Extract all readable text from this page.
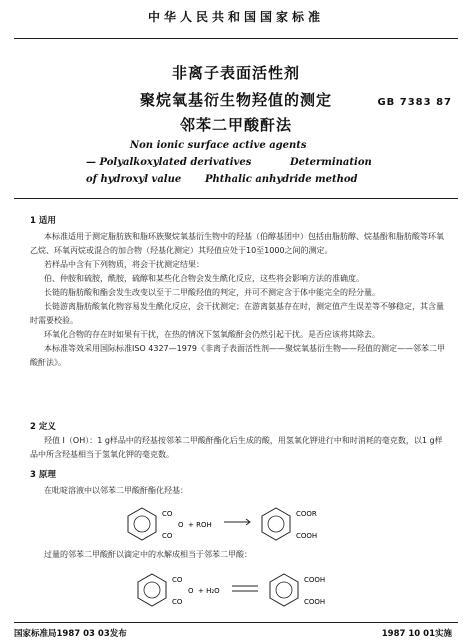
中华人民共和国国家标准
非离子表面活性剂
聚烷氧基衍生物羟值的测定
邻苯二甲酸酐法
GB 7383 87
Non ionic surface active agents
— Polyalkoxylated derivatives	Determination
of hydroxyl value Phthalic anhydride method
1 适用
本标准适用于测定脂肪族和脂环族聚烷氧基衍生物中的羟基（伯醇基团中）包括由脂肪醇、烷基酚和脂肪酸等环氧乙烷、环氧丙烷或混合的加合物（羟基化测定）其羟值应处于10至1000之间的测定。
若样品中含有下列物质，将会干扰测定结果：
伯、仲胺和硫胺，酰胺，硫醇和某些化合物会发生酰化反应，这些将会影响方法的准确度。
长链的脂肪酸和酯会发生改变以至于二甲酸羟值的判定，并可不测定含于体中能完全的羟分量。
长链游离脂肪酸氧化物容易发生酰化反应，会干扰测定；在游离氨基存在时，测定值产生误差等不够稳定，其含量时需要校验。
环氧化合物的存在时如果有干扰，在热的情况下氢氧酸酐会仍然引起干扰。是否应该将其除去。
本标准等效采用国际标准ISO 4327—1979《非离子表面活性剂——聚烷氧基衍生物——羟值的测定——邻苯二甲酸酐法》。
2 定义
羟值 I（OH）：1 g样品中的羟基按邻苯二甲酸酐酯化后生成的酸，用氢氧化钾进行中和时消耗的毫克数，以1 g样品中所含羟基相当于氢氧化钾的毫克数。
3 原理
在吡啶溶液中以邻苯二甲酸酐酯化羟基：
CO
CO
O + ROH
COOR
COOH
过量的邻苯二甲酸酐以滴定中的水解成相当于邻苯二甲酸：
CO
CO
O + H₂O
COOH
COOH
国家标准局1987 03 03发布	1987 10 01实施
